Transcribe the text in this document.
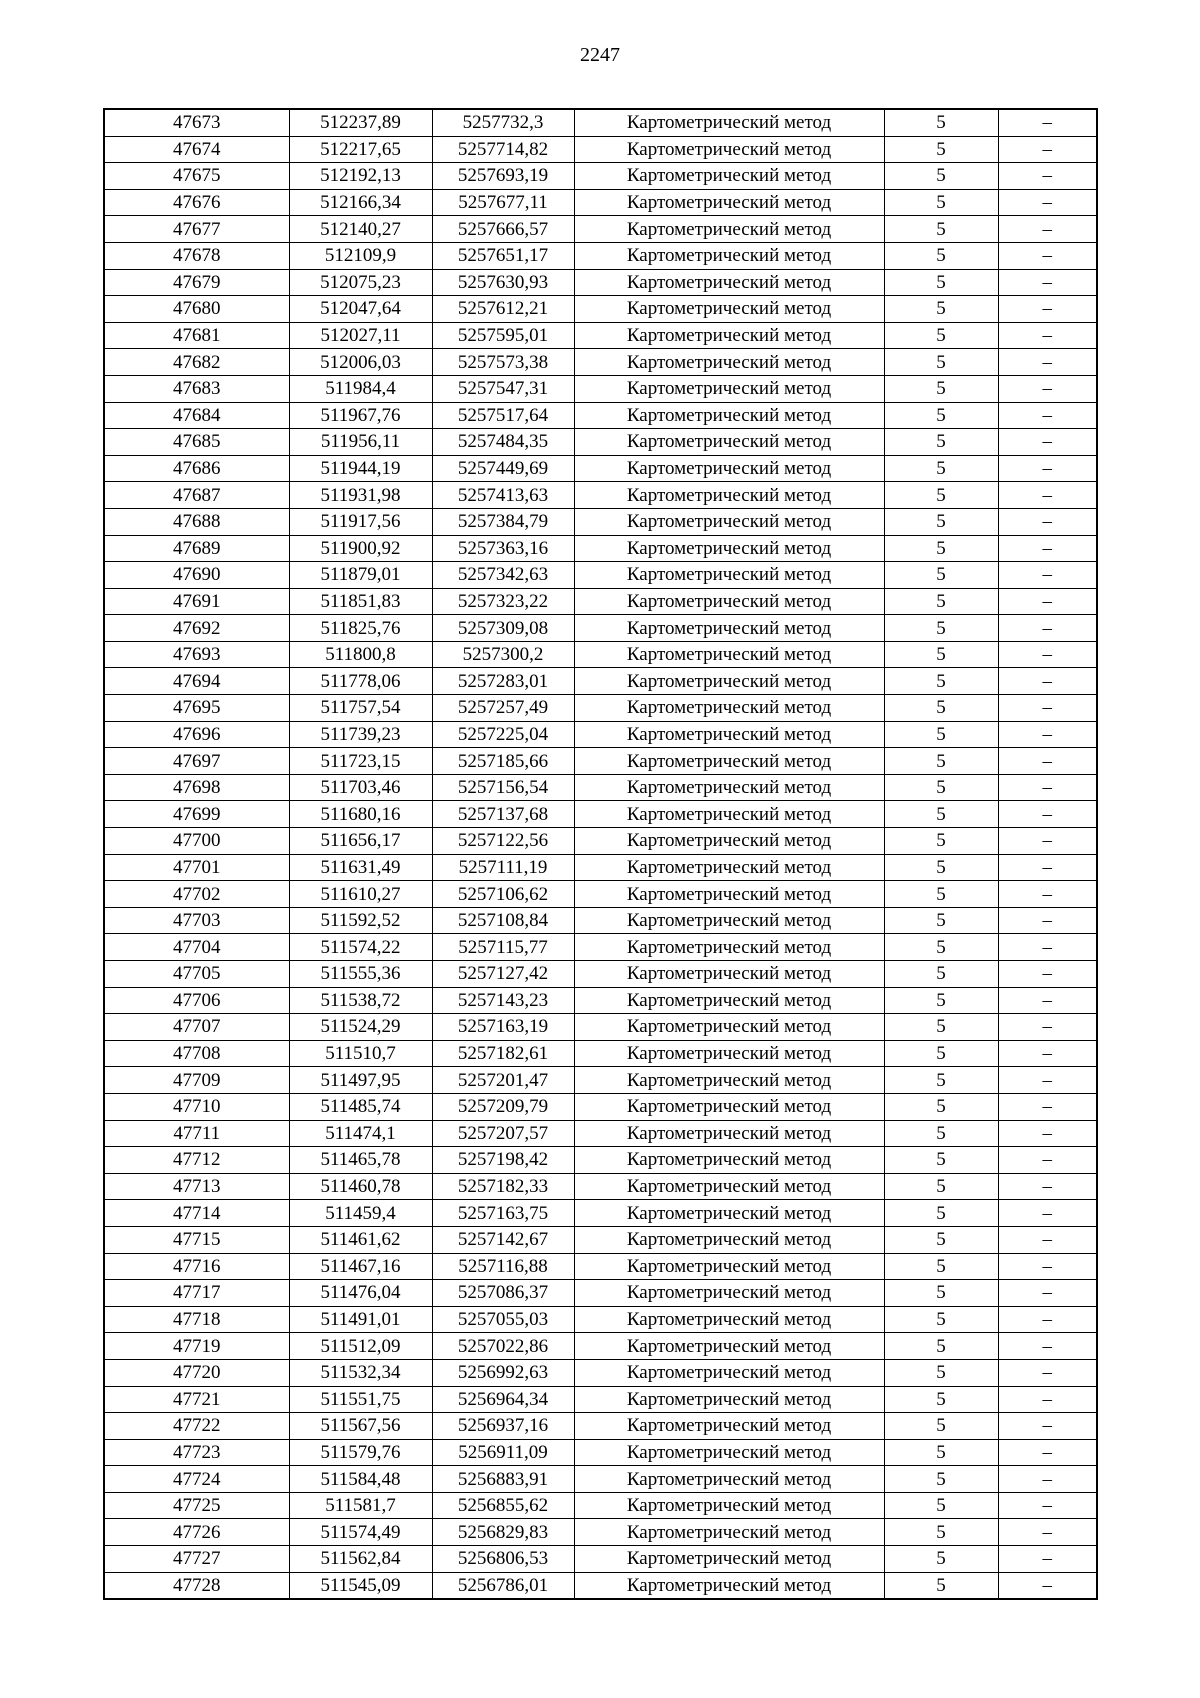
2247
47673	512237,89	5257732,3	Картометрический метод	5	–
47674	512217,65	5257714,82	Картометрический метод	5	–
47675	512192,13	5257693,19	Картометрический метод	5	–
47676	512166,34	5257677,11	Картометрический метод	5	–
47677	512140,27	5257666,57	Картометрический метод	5	–
47678	512109,9	5257651,17	Картометрический метод	5	–
47679	512075,23	5257630,93	Картометрический метод	5	–
47680	512047,64	5257612,21	Картометрический метод	5	–
47681	512027,11	5257595,01	Картометрический метод	5	–
47682	512006,03	5257573,38	Картометрический метод	5	–
47683	511984,4	5257547,31	Картометрический метод	5	–
47684	511967,76	5257517,64	Картометрический метод	5	–
47685	511956,11	5257484,35	Картометрический метод	5	–
47686	511944,19	5257449,69	Картометрический метод	5	–
47687	511931,98	5257413,63	Картометрический метод	5	–
47688	511917,56	5257384,79	Картометрический метод	5	–
47689	511900,92	5257363,16	Картометрический метод	5	–
47690	511879,01	5257342,63	Картометрический метод	5	–
47691	511851,83	5257323,22	Картометрический метод	5	–
47692	511825,76	5257309,08	Картометрический метод	5	–
47693	511800,8	5257300,2	Картометрический метод	5	–
47694	511778,06	5257283,01	Картометрический метод	5	–
47695	511757,54	5257257,49	Картометрический метод	5	–
47696	511739,23	5257225,04	Картометрический метод	5	–
47697	511723,15	5257185,66	Картометрический метод	5	–
47698	511703,46	5257156,54	Картометрический метод	5	–
47699	511680,16	5257137,68	Картометрический метод	5	–
47700	511656,17	5257122,56	Картометрический метод	5	–
47701	511631,49	5257111,19	Картометрический метод	5	–
47702	511610,27	5257106,62	Картометрический метод	5	–
47703	511592,52	5257108,84	Картометрический метод	5	–
47704	511574,22	5257115,77	Картометрический метод	5	–
47705	511555,36	5257127,42	Картометрический метод	5	–
47706	511538,72	5257143,23	Картометрический метод	5	–
47707	511524,29	5257163,19	Картометрический метод	5	–
47708	511510,7	5257182,61	Картометрический метод	5	–
47709	511497,95	5257201,47	Картометрический метод	5	–
47710	511485,74	5257209,79	Картометрический метод	5	–
47711	511474,1	5257207,57	Картометрический метод	5	–
47712	511465,78	5257198,42	Картометрический метод	5	–
47713	511460,78	5257182,33	Картометрический метод	5	–
47714	511459,4	5257163,75	Картометрический метод	5	–
47715	511461,62	5257142,67	Картометрический метод	5	–
47716	511467,16	5257116,88	Картометрический метод	5	–
47717	511476,04	5257086,37	Картометрический метод	5	–
47718	511491,01	5257055,03	Картометрический метод	5	–
47719	511512,09	5257022,86	Картометрический метод	5	–
47720	511532,34	5256992,63	Картометрический метод	5	–
47721	511551,75	5256964,34	Картометрический метод	5	–
47722	511567,56	5256937,16	Картометрический метод	5	–
47723	511579,76	5256911,09	Картометрический метод	5	–
47724	511584,48	5256883,91	Картометрический метод	5	–
47725	511581,7	5256855,62	Картометрический метод	5	–
47726	511574,49	5256829,83	Картометрический метод	5	–
47727	511562,84	5256806,53	Картометрический метод	5	–
47728	511545,09	5256786,01	Картометрический метод	5	–
